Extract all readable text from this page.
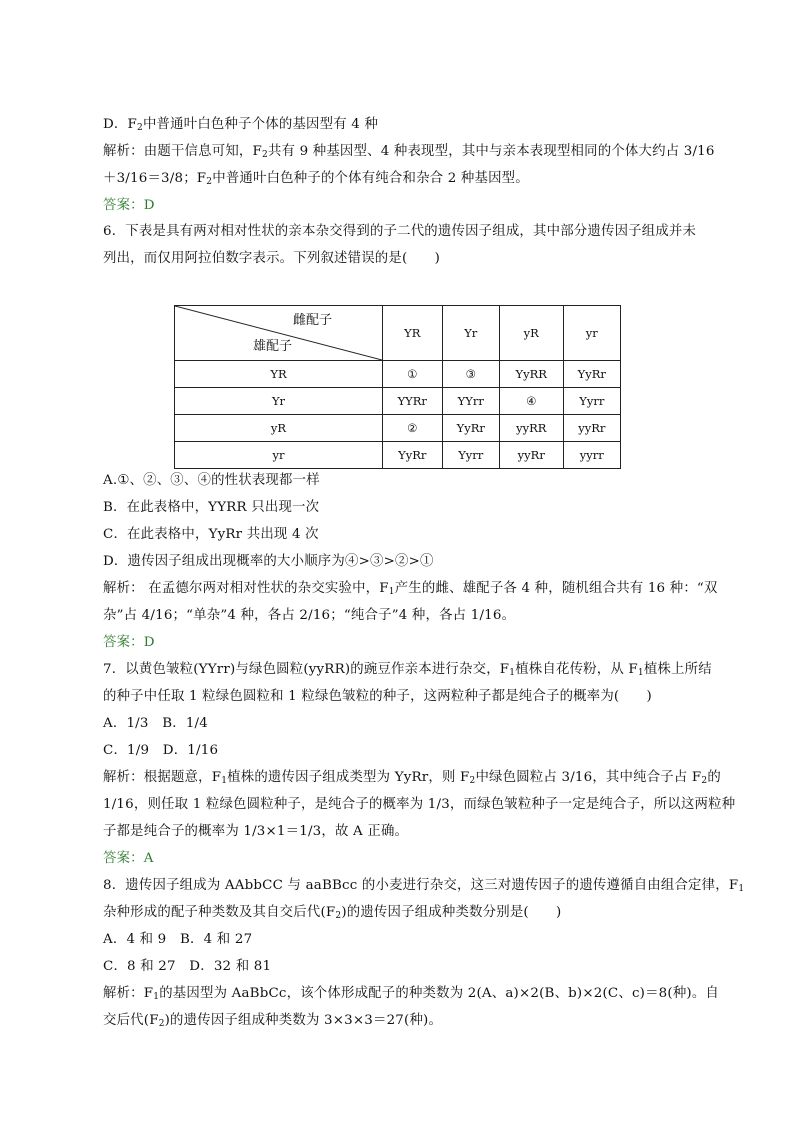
D．$F_2$中普通叶白色种子个体的基因型有 4 种
解析：由题干信息可知，$F_2$共有 9 种基因型、4 种表现型，其中与亲本表现型相同的个体大约占 3/16
＋3/16＝3/8；$F_2$中普通叶白色种子的个体有纯合和杂合 2 种基因型。
答案：D
6．下表是具有两对相对性状的亲本杂交得到的子二代的遗传因子组成，其中部分遗传因子组成并未
列出，而仅用阿拉伯数字表示。下列叙述错误的是(　　)
雌配子
雄配子	YR	Yr	yR	yr
YR	①	③	YyRR	YyRr
Yr	YYRr	YYrr	④	Yyrr
yR	②	YyRr	yyRR	yyRr
yr	YyRr	Yyrr	yyRr	yyrr
A.①、②、③、④的性状表现都一样
B．在此表格中，YYRR 只出现一次
C．在此表格中，YyRr 共出现 4 次
D．遗传因子组成出现概率的大小顺序为④>③>②>①
解析： 在孟德尔两对相对性状的杂交实验中，$F_1$产生的雌、雄配子各 4 种，随机组合共有 16 种：“双
杂”占 4/16；“单杂”4 种，各占 2/16；“纯合子”4 种，各占 1/16。
答案：D
7．以黄色皱粒(YYrr)与绿色圆粒(yyRR)的豌豆作亲本进行杂交，$F_1$植株自花传粉，从 $F_1$植株上所结
的种子中任取 1 粒绿色圆粒和 1 粒绿色皱粒的种子，这两粒种子都是纯合子的概率为(　　)
A．1/3　B．1/4
C．1/9　D．1/16
解析：根据题意，$F_1$植株的遗传因子组成类型为 YyRr，则 $F_2$中绿色圆粒占 3/16，其中纯合子占 $F_2$的
1/16，则任取 1 粒绿色圆粒种子，是纯合子的概率为 1/3，而绿色皱粒种子一定是纯合子，所以这两粒种
子都是纯合子的概率为 1/3×1＝1/3，故 A 正确。
答案：A
8．遗传因子组成为 AAbbCC 与 aaBBcc 的小麦进行杂交，这三对遗传因子的遗传遵循自由组合定律，$F_1$
杂种形成的配子种类数及其自交后代$(F_2)$的遗传因子组成种类数分别是(　　)
A．4 和 9　B．4 和 27
C．8 和 27　D．32 和 81
解析：$F_1$的基因型为 AaBbCc，该个体形成配子的种类数为 2(A、a)×2(B、b)×2(C、c)＝8(种)。自
交后代$(F_2)$的遗传因子组成种类数为 3×3×3＝27(种)。
